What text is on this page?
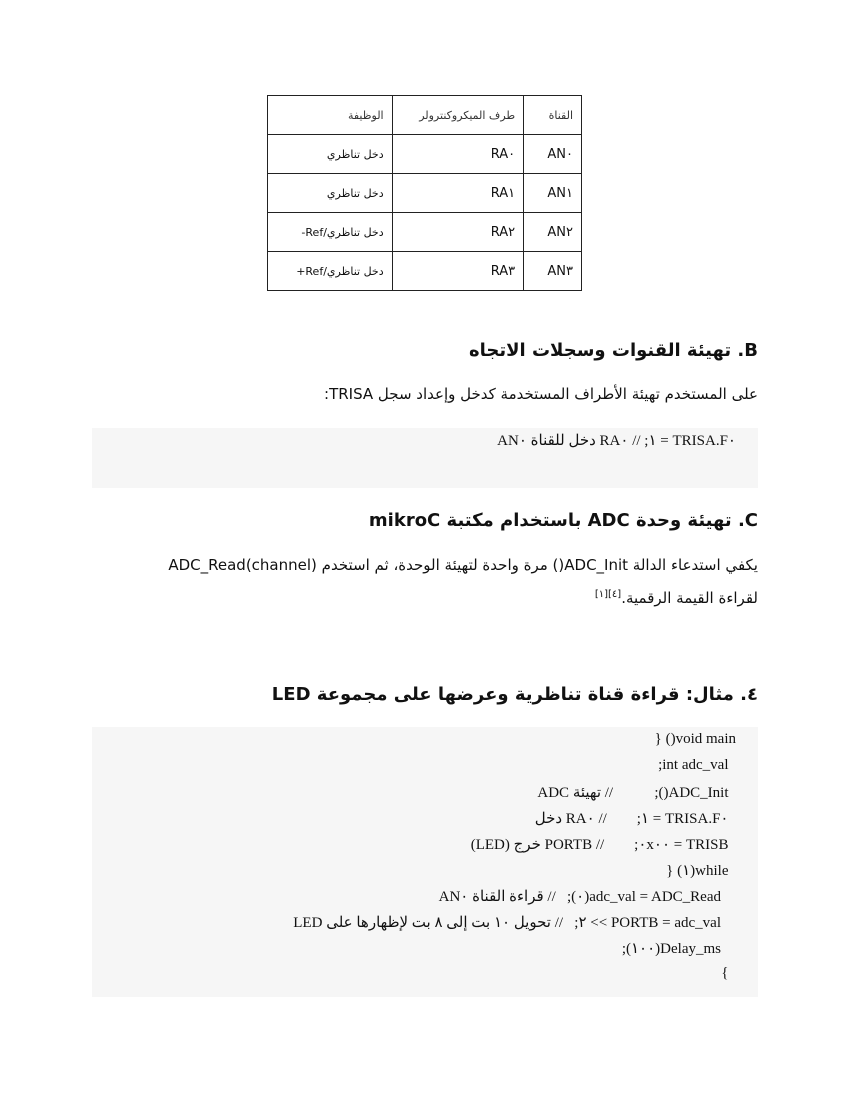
القناة	طرف الميكروكنترولر	الوظيفة
AN٠	RA٠	دخل تناظري
AN١	RA١	دخل تناظري
AN٢	RA٢	دخل تناظري/Ref-
AN٣	RA٣	دخل تناظري/Ref+
B. تهيئة القنوات وسجلات الاتجاه

على المستخدم تهيئة الأطراف المستخدمة كدخل وإعداد سجل TRISA:

TRISA.F٠ = ١; // RA٠ دخل للقناة AN٠
C. تهيئة وحدة ADC باستخدام مكتبة mikroC

يكفي استدعاء الدالة ADC_Init() مرة واحدة لتهيئة الوحدة، ثم استخدم ADC_Read(channel) لقراءة القيمة الرقمية.[٤][١]

٤. مثال: قراءة قناة تناظرية وعرضها على مجموعة LED
void main() {
int adc_val;
ADC_Init();           // تهيئة ADC
TRISA.F٠ = ١;        // RA٠ دخل
TRISB = ٠x٠٠;        // PORTB خرج (LED)
while(١) {
adc_val = ADC_Read(٠);   // قراءة القناة AN٠
PORTB = adc_val >> ٢;   // تحويل ١٠ بت إلى ٨ بت لإظهارها على LED
Delay_ms(١٠٠);
}
